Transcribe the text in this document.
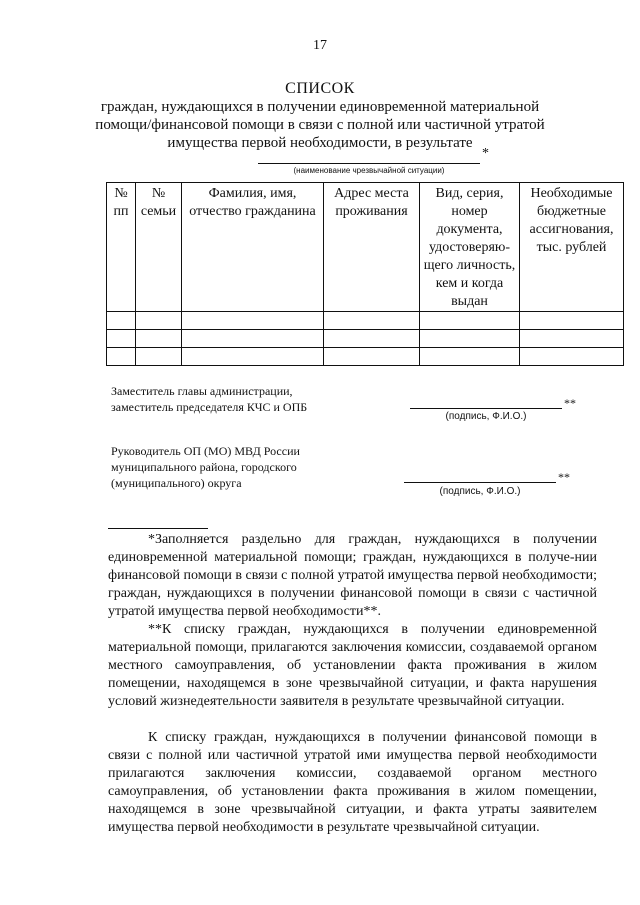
17
СПИСОК
граждан, нуждающихся в получении единовременной материальной
помощи/финансовой помощи в связи с полной или частичной утратой
имущества первой необходимости, в результате
*
(наименование чрезвычайной ситуации)
№ пп	№ семьи	Фамилия, имя, отчество гражданина	Адрес места проживания	Вид, серия, номер документа, удостоверяю-щего личность, кем и когда выдан	Необходимые бюджетные ассигнования, тыс. рублей

Заместитель главы администрации,
заместитель председателя КЧС и ОПБ	**
(подпись, Ф.И.О.)
Руководитель ОП (МО) МВД России
муниципального района, городского
(муниципального) округа	**
(подпись, Ф.И.О.)
*Заполняется раздельно для граждан, нуждающихся в получении единовременной материальной помощи; граждан, нуждающихся в получе-нии финансовой помощи в связи с полной утратой имущества первой необходимости; граждан, нуждающихся в получении финансовой помощи в связи с частичной утратой имущества первой необходимости**.
**К списку граждан, нуждающихся в получении единовременной материальной помощи, прилагаются заключения комиссии, создаваемой органом местного самоуправления, об установлении факта проживания в жилом помещении, находящемся в зоне чрезвычайной ситуации, и факта нарушения условий жизнедеятельности заявителя в результате чрезвычайной ситуации.
К списку граждан, нуждающихся в получении финансовой помощи в связи с полной или частичной утратой ими имущества первой необходимости прилагаются заключения комиссии, создаваемой органом местного самоуправления, об установлении факта проживания в жилом помещении, находящемся в зоне чрезвычайной ситуации, и факта утраты заявителем имущества первой необходимости в результате чрезвычайной ситуации.
